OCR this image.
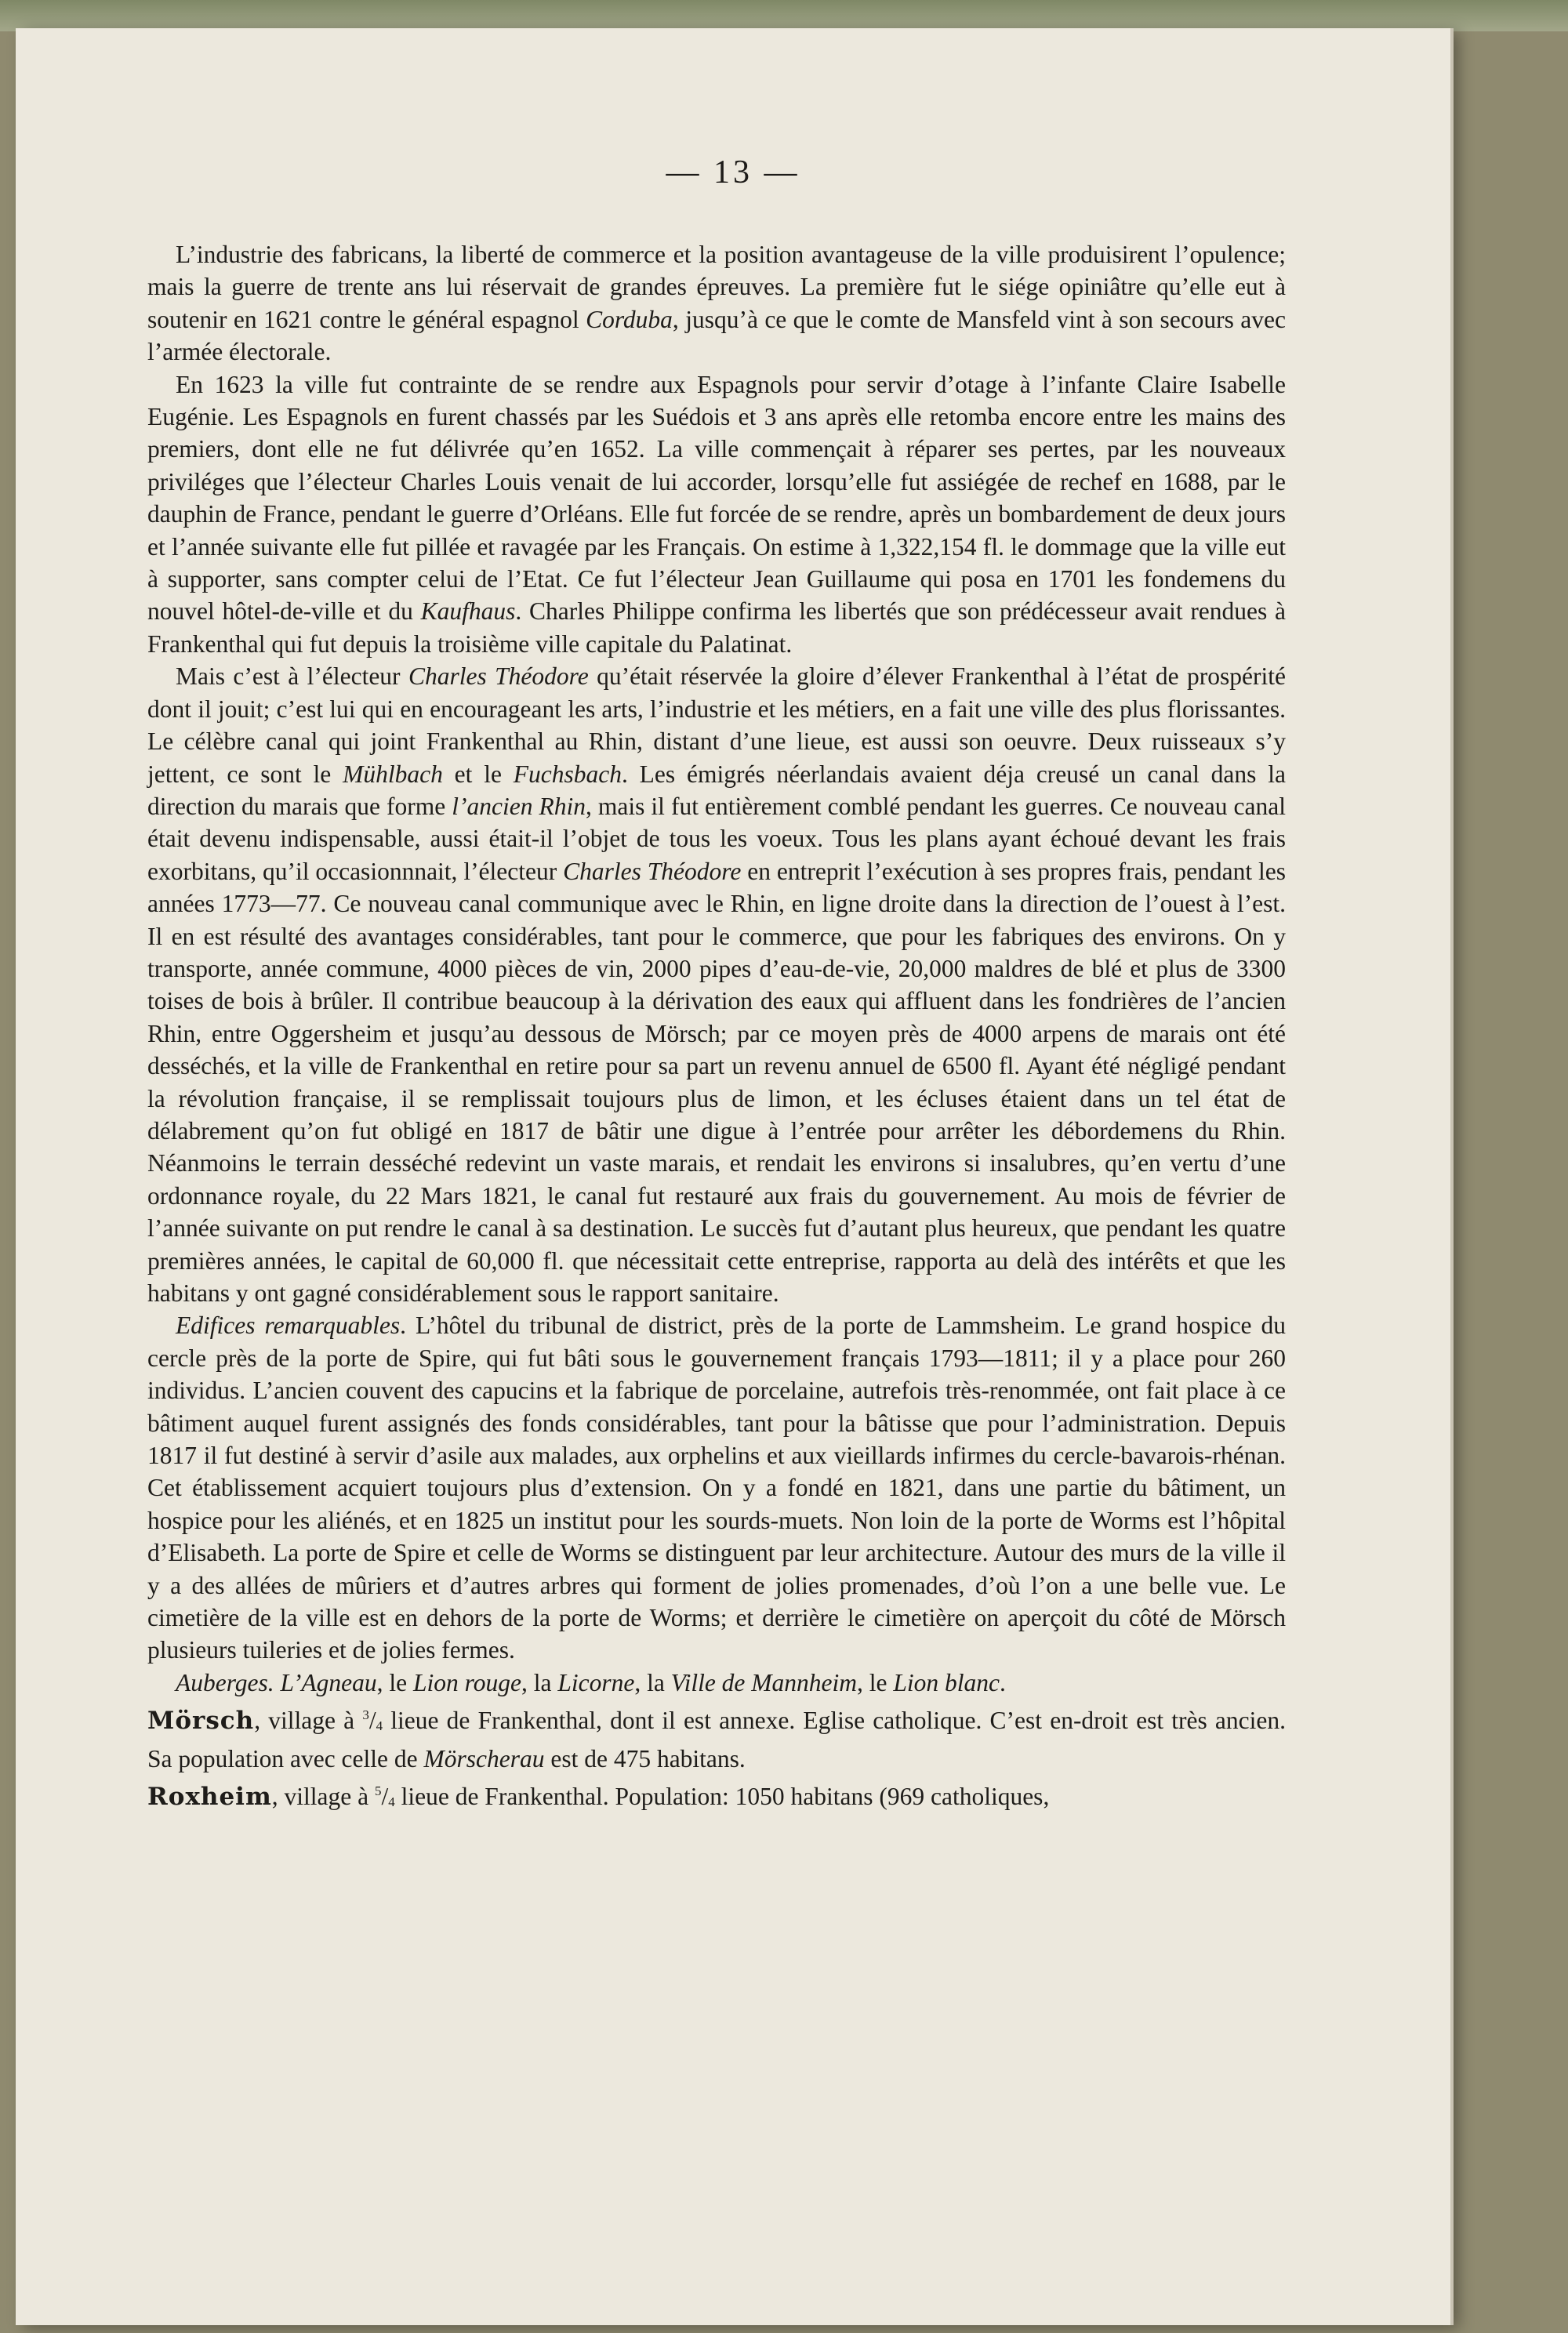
— 13 —

L’industrie des fabricans, la liberté de commerce et la position avantageuse de la ville produisirent l’opulence; mais la guerre de trente ans lui réservait de grandes épreuves. La première fut le siége opiniâtre qu’elle eut à soutenir en 1621 contre le général espagnol Corduba, jusqu’à ce que le comte de Mansfeld vint à son secours avec l’armée électorale.

En 1623 la ville fut contrainte de se rendre aux Espagnols pour servir d’otage à l’infante Claire Isabelle Eugénie. Les Espagnols en furent chassés par les Suédois et 3 ans après elle retomba encore entre les mains des premiers, dont elle ne fut délivrée qu’en 1652. La ville commençait à réparer ses pertes, par les nouveaux priviléges que l’électeur Charles Louis venait de lui accorder, lorsqu’elle fut assiégée de rechef en 1688, par le dauphin de France, pendant le guerre d’Orléans. Elle fut forcée de se rendre, après un bombardement de deux jours et l’année suivante elle fut pillée et ravagée par les Français. On estime à 1,322,154 fl. le dommage que la ville eut à supporter, sans compter celui de l’Etat. Ce fut l’électeur Jean Guillaume qui posa en 1701 les fondemens du nouvel hôtel-de-ville et du Kaufhaus. Charles Philippe confirma les libertés que son prédécesseur avait rendues à Frankenthal qui fut depuis la troisième ville capitale du Palatinat.

Mais c’est à l’électeur Charles Théodore qu’était réservée la gloire d’élever Frankenthal à l’état de prospérité dont il jouit; c’est lui qui en encourageant les arts, l’industrie et les métiers, en a fait une ville des plus florissantes. Le célèbre canal qui joint Frankenthal au Rhin, distant d’une lieue, est aussi son oeuvre. Deux ruisseaux s’y jettent, ce sont le Mühlbach et le Fuchsbach. Les émigrés néerlandais avaient déja creusé un canal dans la direction du marais que forme l’ancien Rhin, mais il fut entièrement comblé pendant les guerres. Ce nouveau canal était devenu indispensable, aussi était-il l’objet de tous les voeux. Tous les plans ayant échoué devant les frais exorbitans, qu’il occasionnnait, l’électeur Charles Théodore en entreprit l’exécution à ses propres frais, pendant les années 1773—77. Ce nouveau canal communique avec le Rhin, en ligne droite dans la direction de l’ouest à l’est. Il en est résulté des avantages considérables, tant pour le commerce, que pour les fabriques des environs. On y transporte, année commune, 4000 pièces de vin, 2000 pipes d’eau-de-vie, 20,000 maldres de blé et plus de 3300 toises de bois à brûler. Il contribue beaucoup à la dérivation des eaux qui affluent dans les fondrières de l’ancien Rhin, entre Oggersheim et jusqu’au dessous de Mörsch; par ce moyen près de 4000 arpens de marais ont été desséchés, et la ville de Frankenthal en retire pour sa part un revenu annuel de 6500 fl. Ayant été négligé pendant la révolution française, il se remplissait toujours plus de limon, et les écluses étaient dans un tel état de délabrement qu’on fut obligé en 1817 de bâtir une digue à l’entrée pour arrêter les débordemens du Rhin. Néanmoins le terrain desséché redevint un vaste marais, et rendait les environs si insalubres, qu’en vertu d’une ordonnance royale, du 22 Mars 1821, le canal fut restauré aux frais du gouvernement. Au mois de février de l’année suivante on put rendre le canal à sa destination. Le succès fut d’autant plus heureux, que pendant les quatre premières années, le capital de 60,000 fl. que nécessitait cette entreprise, rapporta au delà des intérêts et que les habitans y ont gagné considérablement sous le rapport sanitaire.

Edifices remarquables. L’hôtel du tribunal de district, près de la porte de Lammsheim. Le grand hospice du cercle près de la porte de Spire, qui fut bâti sous le gouvernement français 1793—1811; il y a place pour 260 individus. L’ancien couvent des capucins et la fabrique de porcelaine, autrefois très-renommée, ont fait place à ce bâtiment auquel furent assignés des fonds considérables, tant pour la bâtisse que pour l’administration. Depuis 1817 il fut destiné à servir d’asile aux malades, aux orphelins et aux vieillards infirmes du cercle-bavarois-rhénan. Cet établissement acquiert toujours plus d’extension. On y a fondé en 1821, dans une partie du bâtiment, un hospice pour les aliénés, et en 1825 un institut pour les sourds-muets. Non loin de la porte de Worms est l’hôpital d’Elisabeth. La porte de Spire et celle de Worms se distinguent par leur architecture. Autour des murs de la ville il y a des allées de mûriers et d’autres arbres qui forment de jolies promenades, d’où l’on a une belle vue. Le cimetière de la ville est en dehors de la porte de Worms; et derrière le cimetière on aperçoit du côté de Mörsch plusieurs tuileries et de jolies fermes.

Auberges. L’Agneau, le Lion rouge, la Licorne, la Ville de Mannheim, le Lion blanc.

Mörsch, village à $^3/_4$ lieue de Frankenthal, dont il est annexe. Eglise catholique. C’est en-droit est très ancien. Sa population avec celle de Mörscherau est de 475 habitans.

Roxheim, village à $^5/_4$ lieue de Frankenthal. Population: 1050 habitans (969 catholiques,
